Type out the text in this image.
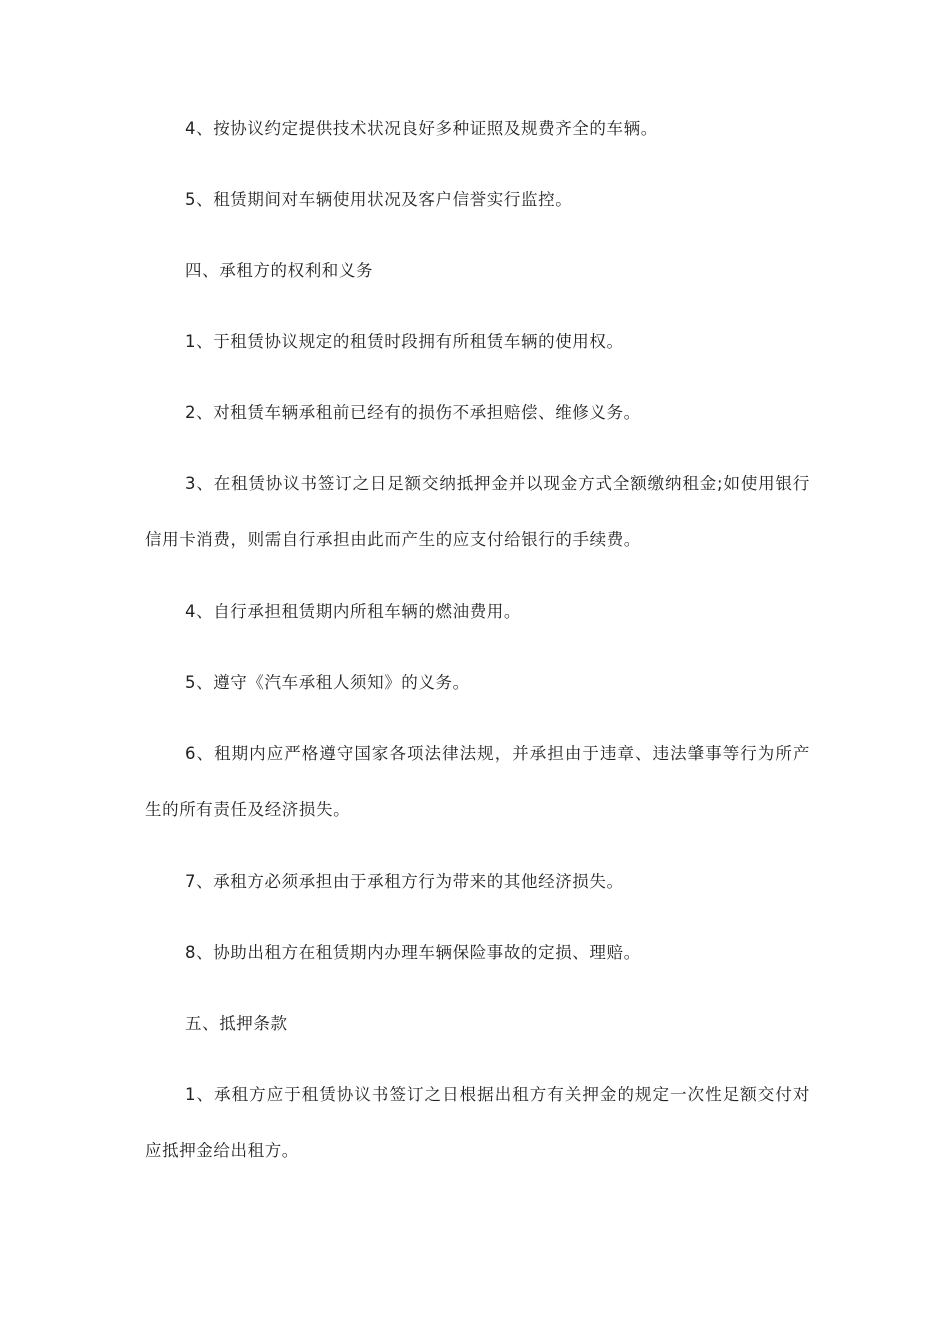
4、按协议约定提供技术状况良好多种证照及规费齐全的车辆。

5、租赁期间对车辆使用状况及客户信誉实行监控。

四、承租方的权利和义务

1、于租赁协议规定的租赁时段拥有所租赁车辆的使用权。

2、对租赁车辆承租前已经有的损伤不承担赔偿、维修义务。

3、在租赁协议书签订之日足额交纳抵押金并以现金方式全额缴纳租金;如使用银行信用卡消费，则需自行承担由此而产生的应支付给银行的手续费。

4、自行承担租赁期内所租车辆的燃油费用。

5、遵守《汽车承租人须知》的义务。

6、租期内应严格遵守国家各项法律法规，并承担由于违章、违法肇事等行为所产生的所有责任及经济损失。

7、承租方必须承担由于承租方行为带来的其他经济损失。

8、协助出租方在租赁期内办理车辆保险事故的定损、理赔。

五、抵押条款

1、承租方应于租赁协议书签订之日根据出租方有关押金的规定一次性足额交付对应抵押金给出租方。
